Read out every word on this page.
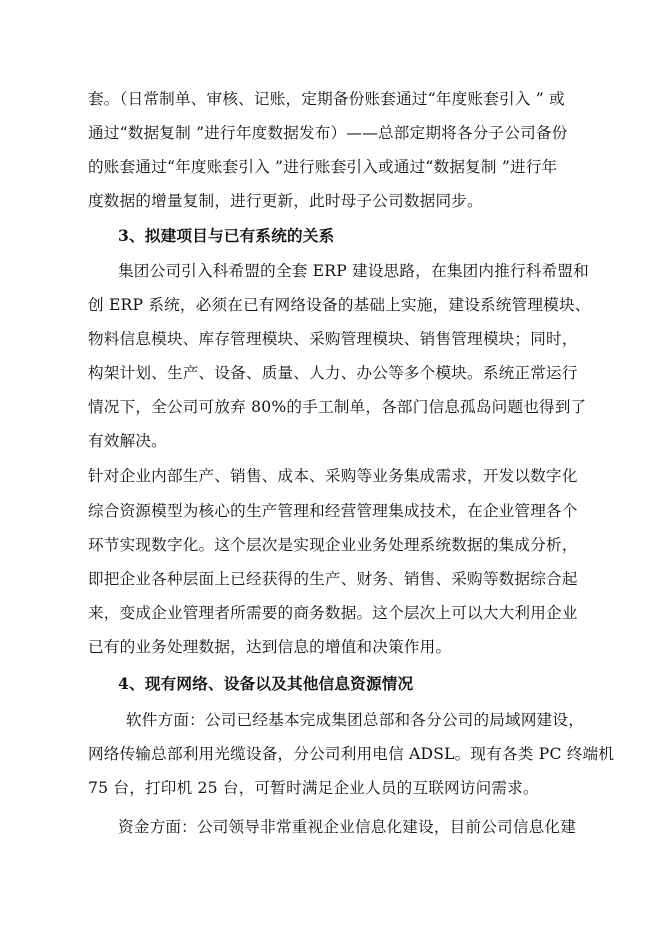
套。（日常制单、审核、记账，定期备份账套通过“年度账套引入 ” 或
通过“数据复制 ”进行年度数据发布）——总部定期将各分子公司备份
的账套通过“年度账套引入 ”进行账套引入或通过“数据复制 ”进行年
度数据的增量复制，进行更新，此时母子公司数据同步。
3、拟建项目与已有系统的关系
集团公司引入科希盟的全套 ERP 建设思路，在集团内推行科希盟和
创 ERP 系统，必须在已有网络设备的基础上实施，建设系统管理模块、
物料信息模块、库存管理模块、采购管理模块、销售管理模块；同时，
构架计划、生产、设备、质量、人力、办公等多个模块。系统正常运行
情况下，全公司可放弃 80%的手工制单，各部门信息孤岛问题也得到了
有效解决。
针对企业内部生产、销售、成本、采购等业务集成需求，开发以数字化
综合资源模型为核心的生产管理和经营管理集成技术，在企业管理各个
环节实现数字化。这个层次是实现企业业务处理系统数据的集成分析，
即把企业各种层面上已经获得的生产、财务、销售、采购等数据综合起
来，变成企业管理者所需要的商务数据。这个层次上可以大大利用企业
已有的业务处理数据，达到信息的增值和决策作用。
4、现有网络、设备以及其他信息资源情况
软件方面：公司已经基本完成集团总部和各分公司的局域网建设，
网络传输总部利用光缆设备，分公司利用电信 ADSL。现有各类 PC 终端机
75 台，打印机 25 台，可暂时满足企业人员的互联网访问需求。
资金方面：公司领导非常重视企业信息化建设，目前公司信息化建
